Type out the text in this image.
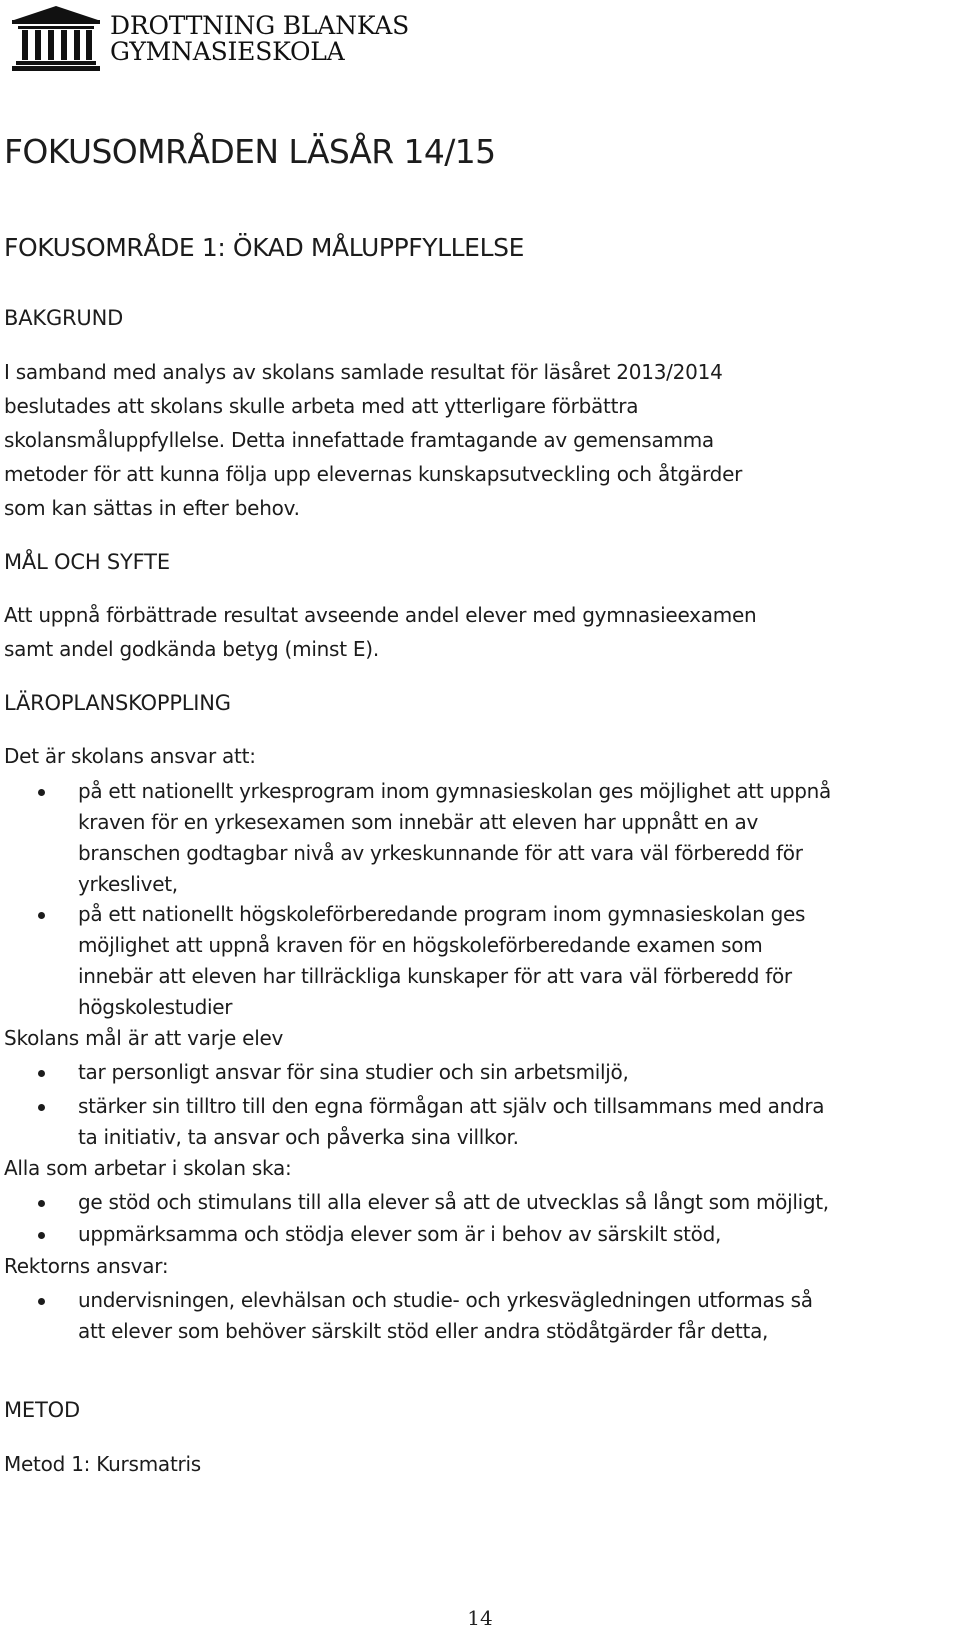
DROTTNING BLANKAS
GYMNASIESKOLA
FOKUSOMRÅDEN LÄSÅR 14/15
FOKUSOMRÅDE 1: ÖKAD MÅLUPPFYLLELSE
BAKGRUND
I samband med analys av skolans samlade resultat för läsåret 2013/2014
beslutades att skolans skulle arbeta med att ytterligare förbättra
skolansmåluppfyllelse. Detta innefattade framtagande av gemensamma
metoder för att kunna följa upp elevernas kunskapsutveckling och åtgärder
som kan sättas in efter behov.
MÅL OCH SYFTE
Att uppnå förbättrade resultat avseende andel elever med gymnasieexamen
samt andel godkända betyg (minst E).
LÄROPLANSKOPPLING
Det är skolans ansvar att:
på ett nationellt yrkesprogram inom gymnasieskolan ges möjlighet att uppnå
kraven för en yrkesexamen som innebär att eleven har uppnått en av
branschen godtagbar nivå av yrkeskunnande för att vara väl förberedd för
yrkeslivet,
på ett nationellt högskoleförberedande program inom gymnasieskolan ges
möjlighet att uppnå kraven för en högskoleförberedande examen som
innebär att eleven har tillräckliga kunskaper för att vara väl förberedd för
högskolestudier
Skolans mål är att varje elev
tar personligt ansvar för sina studier och sin arbetsmiljö,
stärker sin tilltro till den egna förmågan att själv och tillsammans med andra
ta initiativ, ta ansvar och påverka sina villkor.
Alla som arbetar i skolan ska:
ge stöd och stimulans till alla elever så att de utvecklas så långt som möjligt,
uppmärksamma och stödja elever som är i behov av särskilt stöd,
Rektorns ansvar:
undervisningen, elevhälsan och studie- och yrkesvägledningen utformas så
att elever som behöver särskilt stöd eller andra stödåtgärder får detta,
METOD
Metod 1: Kursmatris
14
